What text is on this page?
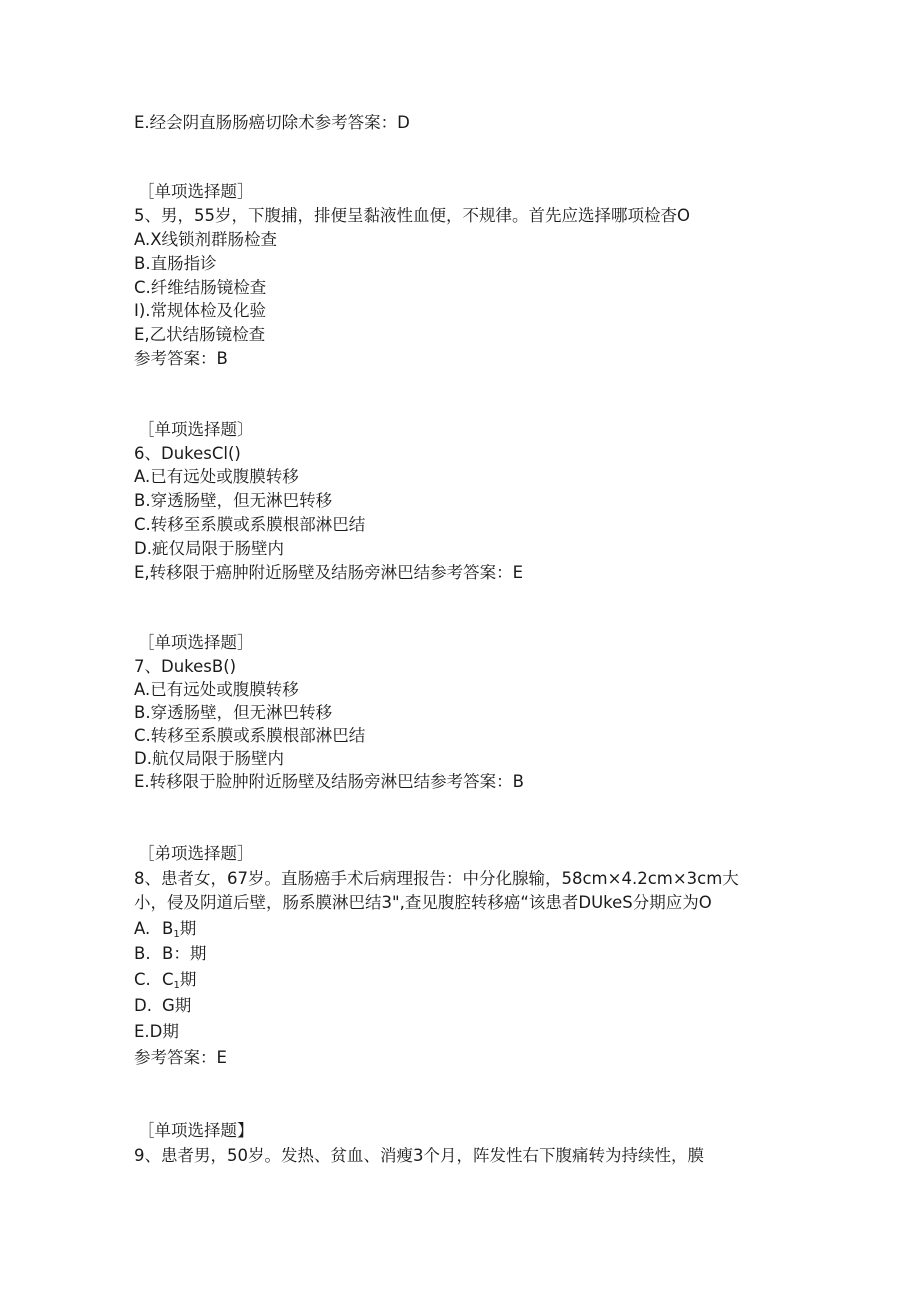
E.经会阴直肠肠癌切除术参考答案：D

［单项选择题］

5、男，55岁，下腹捕，排便呈黏液性血便，不规律。首先应选择哪项检杳O

A.X线锁剂群肠检查

B.直肠指诊

C.纤维结肠镜检查

I).常规体检及化验

E,乙状结肠镜检查

参考答案：B

［单项选择题〕

6、DukesCl()

A.已有远处或腹膜转移

B.穿透肠壁，但无淋巴转移

C.转移至系膜或系膜根部淋巴结

D.疵仅局限于肠壁内

E,转移限于癌肿附近肠壁及结肠旁淋巴结参考答案：E

［单项选择题］

7、DukesB()

A.已有远处或腹膜转移

B.穿透肠壁，但无淋巴转移

C.转移至系膜或系膜根部淋巴结

D.航仅局限于肠壁内

E.转移限于脸肿附近肠壁及结肠旁淋巴结参考答案：B

［弟项选择题］

8、患者女，67岁。直肠癌手术后病理报告：中分化腺输，58cm×4.2cm×3cm大

小，侵及阴道后壁，肠系膜淋巴结3",查见腹腔转移癌“该患者DUkeS分期应为O

A. $B_1$期

B. B：期

C. $C_1$期

D. G期

E.D期

参考答案：E

［单项选择题】

9、患者男，50岁。发热、贫血、消瘦3个月，阵发性右下腹痛转为持续性，膜
